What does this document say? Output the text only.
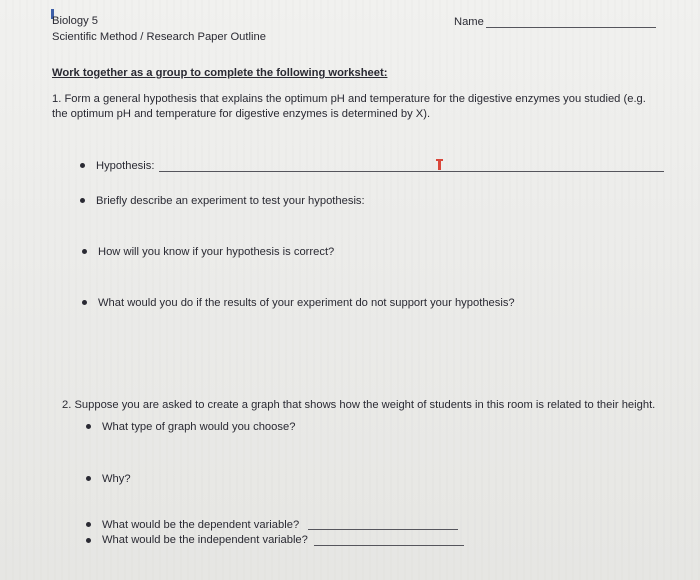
Biology 5
Scientific Method / Research Paper Outline
Name
Work together as a group to complete the following worksheet:
1. Form a general hypothesis that explains the optimum pH and temperature for the digestive enzymes you studied (e.g.
the optimum pH and temperature for digestive enzymes is determined by X).
Hypothesis:
Briefly describe an experiment to test your hypothesis:
How will you know if your hypothesis is correct?
What would you do if the results of your experiment do not support your hypothesis?
2. Suppose you are asked to create a graph that shows how the weight of students in this room is related to their height.
What type of graph would you choose?
Why?
What would be the dependent variable?
What would be the independent variable?
